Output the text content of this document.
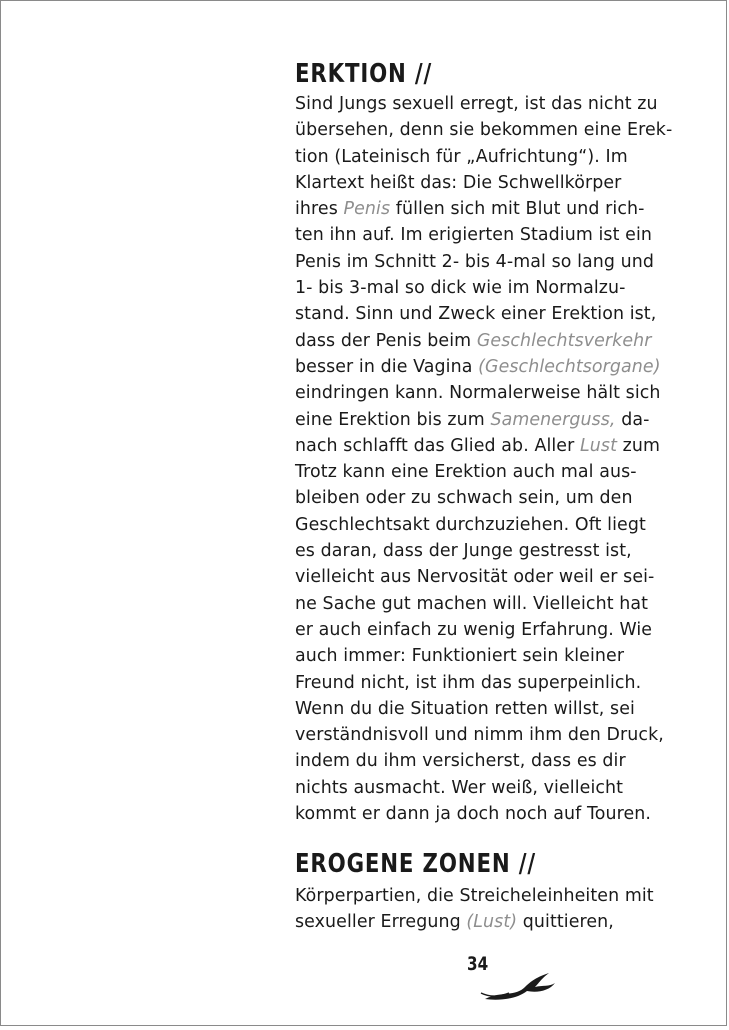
ERΚΤION //
Sind Jungs sexuell erregt, ist das nicht zu
übersehen, denn sie bekommen eine Erek-
tion (Lateinisch für „Aufrichtung“). Im
Klartext heißt das: Die Schwellkörper
ihres Penis füllen sich mit Blut und rich-
ten ihn auf. Im erigierten Stadium ist ein
Penis im Schnitt 2- bis 4-mal so lang und
1- bis 3-mal so dick wie im Normalzu-
stand. Sinn und Zweck einer Erektion ist,
dass der Penis beim Geschlechtsverkehr
besser in die Vagina (Geschlechtsorgane)
eindringen kann. Normalerweise hält sich
eine Erektion bis zum Samenerguss, da-
nach schlafft das Glied ab. Aller Lust zum
Trotz kann eine Erektion auch mal aus-
bleiben oder zu schwach sein, um den
Geschlechtsakt durchzuziehen. Oft liegt
es daran, dass der Junge gestresst ist,
vielleicht aus Nervosität oder weil er sei-
ne Sache gut machen will. Vielleicht hat
er auch einfach zu wenig Erfahrung. Wie
auch immer: Funktioniert sein kleiner
Freund nicht, ist ihm das superpeinlich.
Wenn du die Situation retten willst, sei
verständnisvoll und nimm ihm den Druck,
indem du ihm versicherst, dass es dir
nichts ausmacht. Wer weiß, vielleicht
kommt er dann ja doch noch auf Touren.
EROGENE ZONEN //
Körperpartien, die Streicheleinheiten mit
sexueller Erregung (Lust) quittieren,
34
